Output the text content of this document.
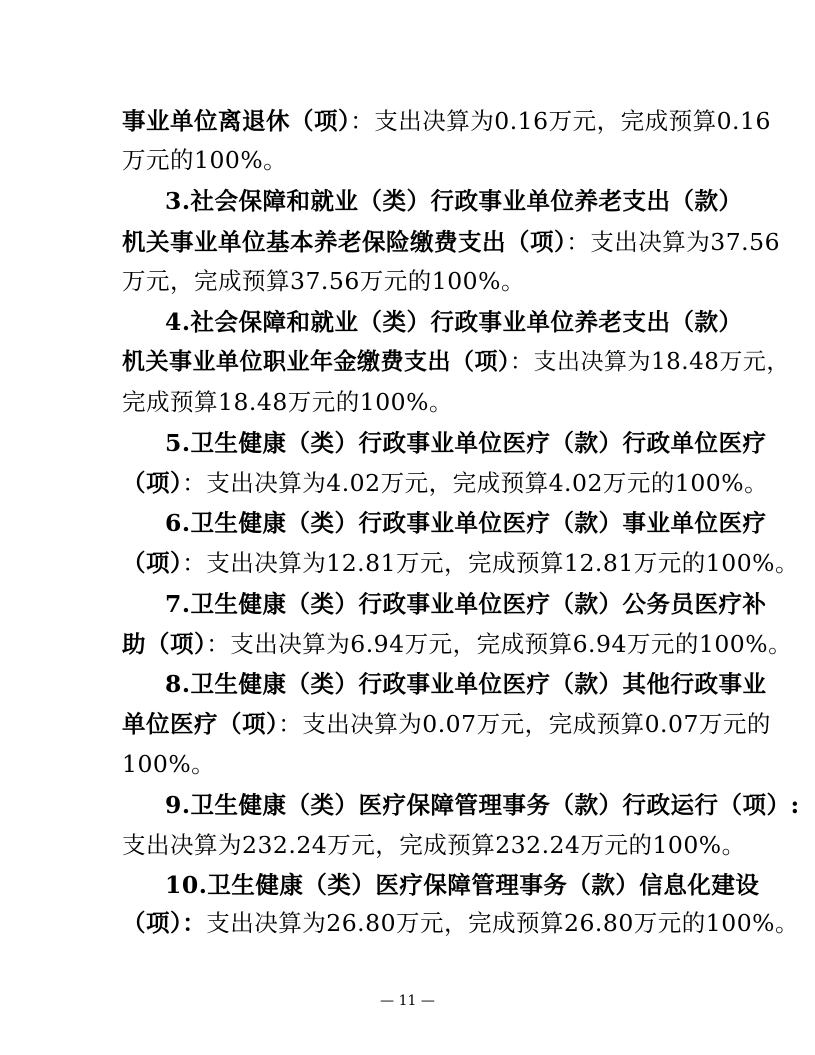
事业单位离退休（项）：支出决算为0.16万元，完成预算0.16
万元的100%。
3.社会保障和就业（类）行政事业单位养老支出（款）
机关事业单位基本养老保险缴费支出（项）：支出决算为37.56
万元，完成预算37.56万元的100%。
4.社会保障和就业（类）行政事业单位养老支出（款）
机关事业单位职业年金缴费支出（项）：支出决算为18.48万元，
完成预算18.48万元的100%。
5.卫生健康（类）行政事业单位医疗（款）行政单位医疗
（项）：支出决算为4.02万元，完成预算4.02万元的100%。
6.卫生健康（类）行政事业单位医疗（款）事业单位医疗
（项）：支出决算为12.81万元，完成预算12.81万元的100%。
7.卫生健康（类）行政事业单位医疗（款）公务员医疗补
助（项）：支出决算为6.94万元，完成预算6.94万元的100%。
8.卫生健康（类）行政事业单位医疗（款）其他行政事业
单位医疗（项）：支出决算为0.07万元，完成预算0.07万元的
100%。
9.卫生健康（类）医疗保障管理事务（款）行政运行（项）:
支出决算为232.24万元，完成预算232.24万元的100%。
10.卫生健康（类）医疗保障管理事务（款）信息化建设
（项）：支出决算为26.80万元，完成预算26.80万元的100%。
— 11 —
